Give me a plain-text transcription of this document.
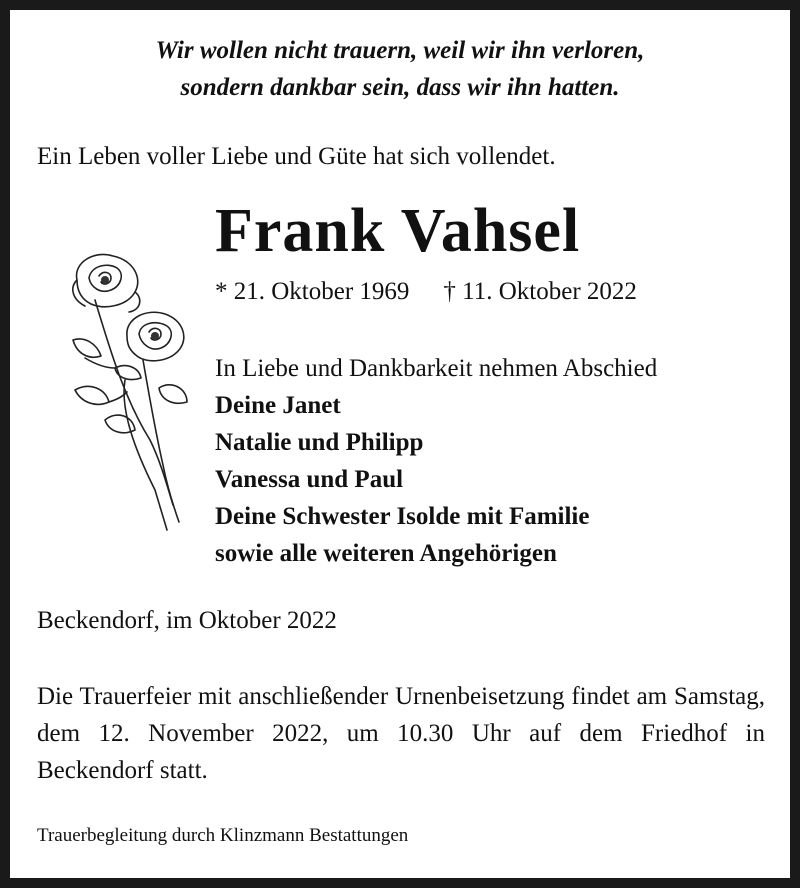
Wir wollen nicht trauern, weil wir ihn verloren,
sondern dankbar sein, dass wir ihn hatten.
Ein Leben voller Liebe und Güte hat sich vollendet.
Frank Vahsel
* 21. Oktober 1969 † 11. Oktober 2022
In Liebe und Dankbarkeit nehmen Abschied
Deine Janet
Natalie und Philipp
Vanessa und Paul
Deine Schwester Isolde mit Familie
sowie alle weiteren Angehörigen
Beckendorf, im Oktober 2022
Die Trauerfeier mit anschließender Urnenbeisetzung findet am Samstag, dem 12. November 2022, um 10.30 Uhr auf dem Friedhof in Beckendorf statt.
Trauerbegleitung durch Klinzmann Bestattungen
